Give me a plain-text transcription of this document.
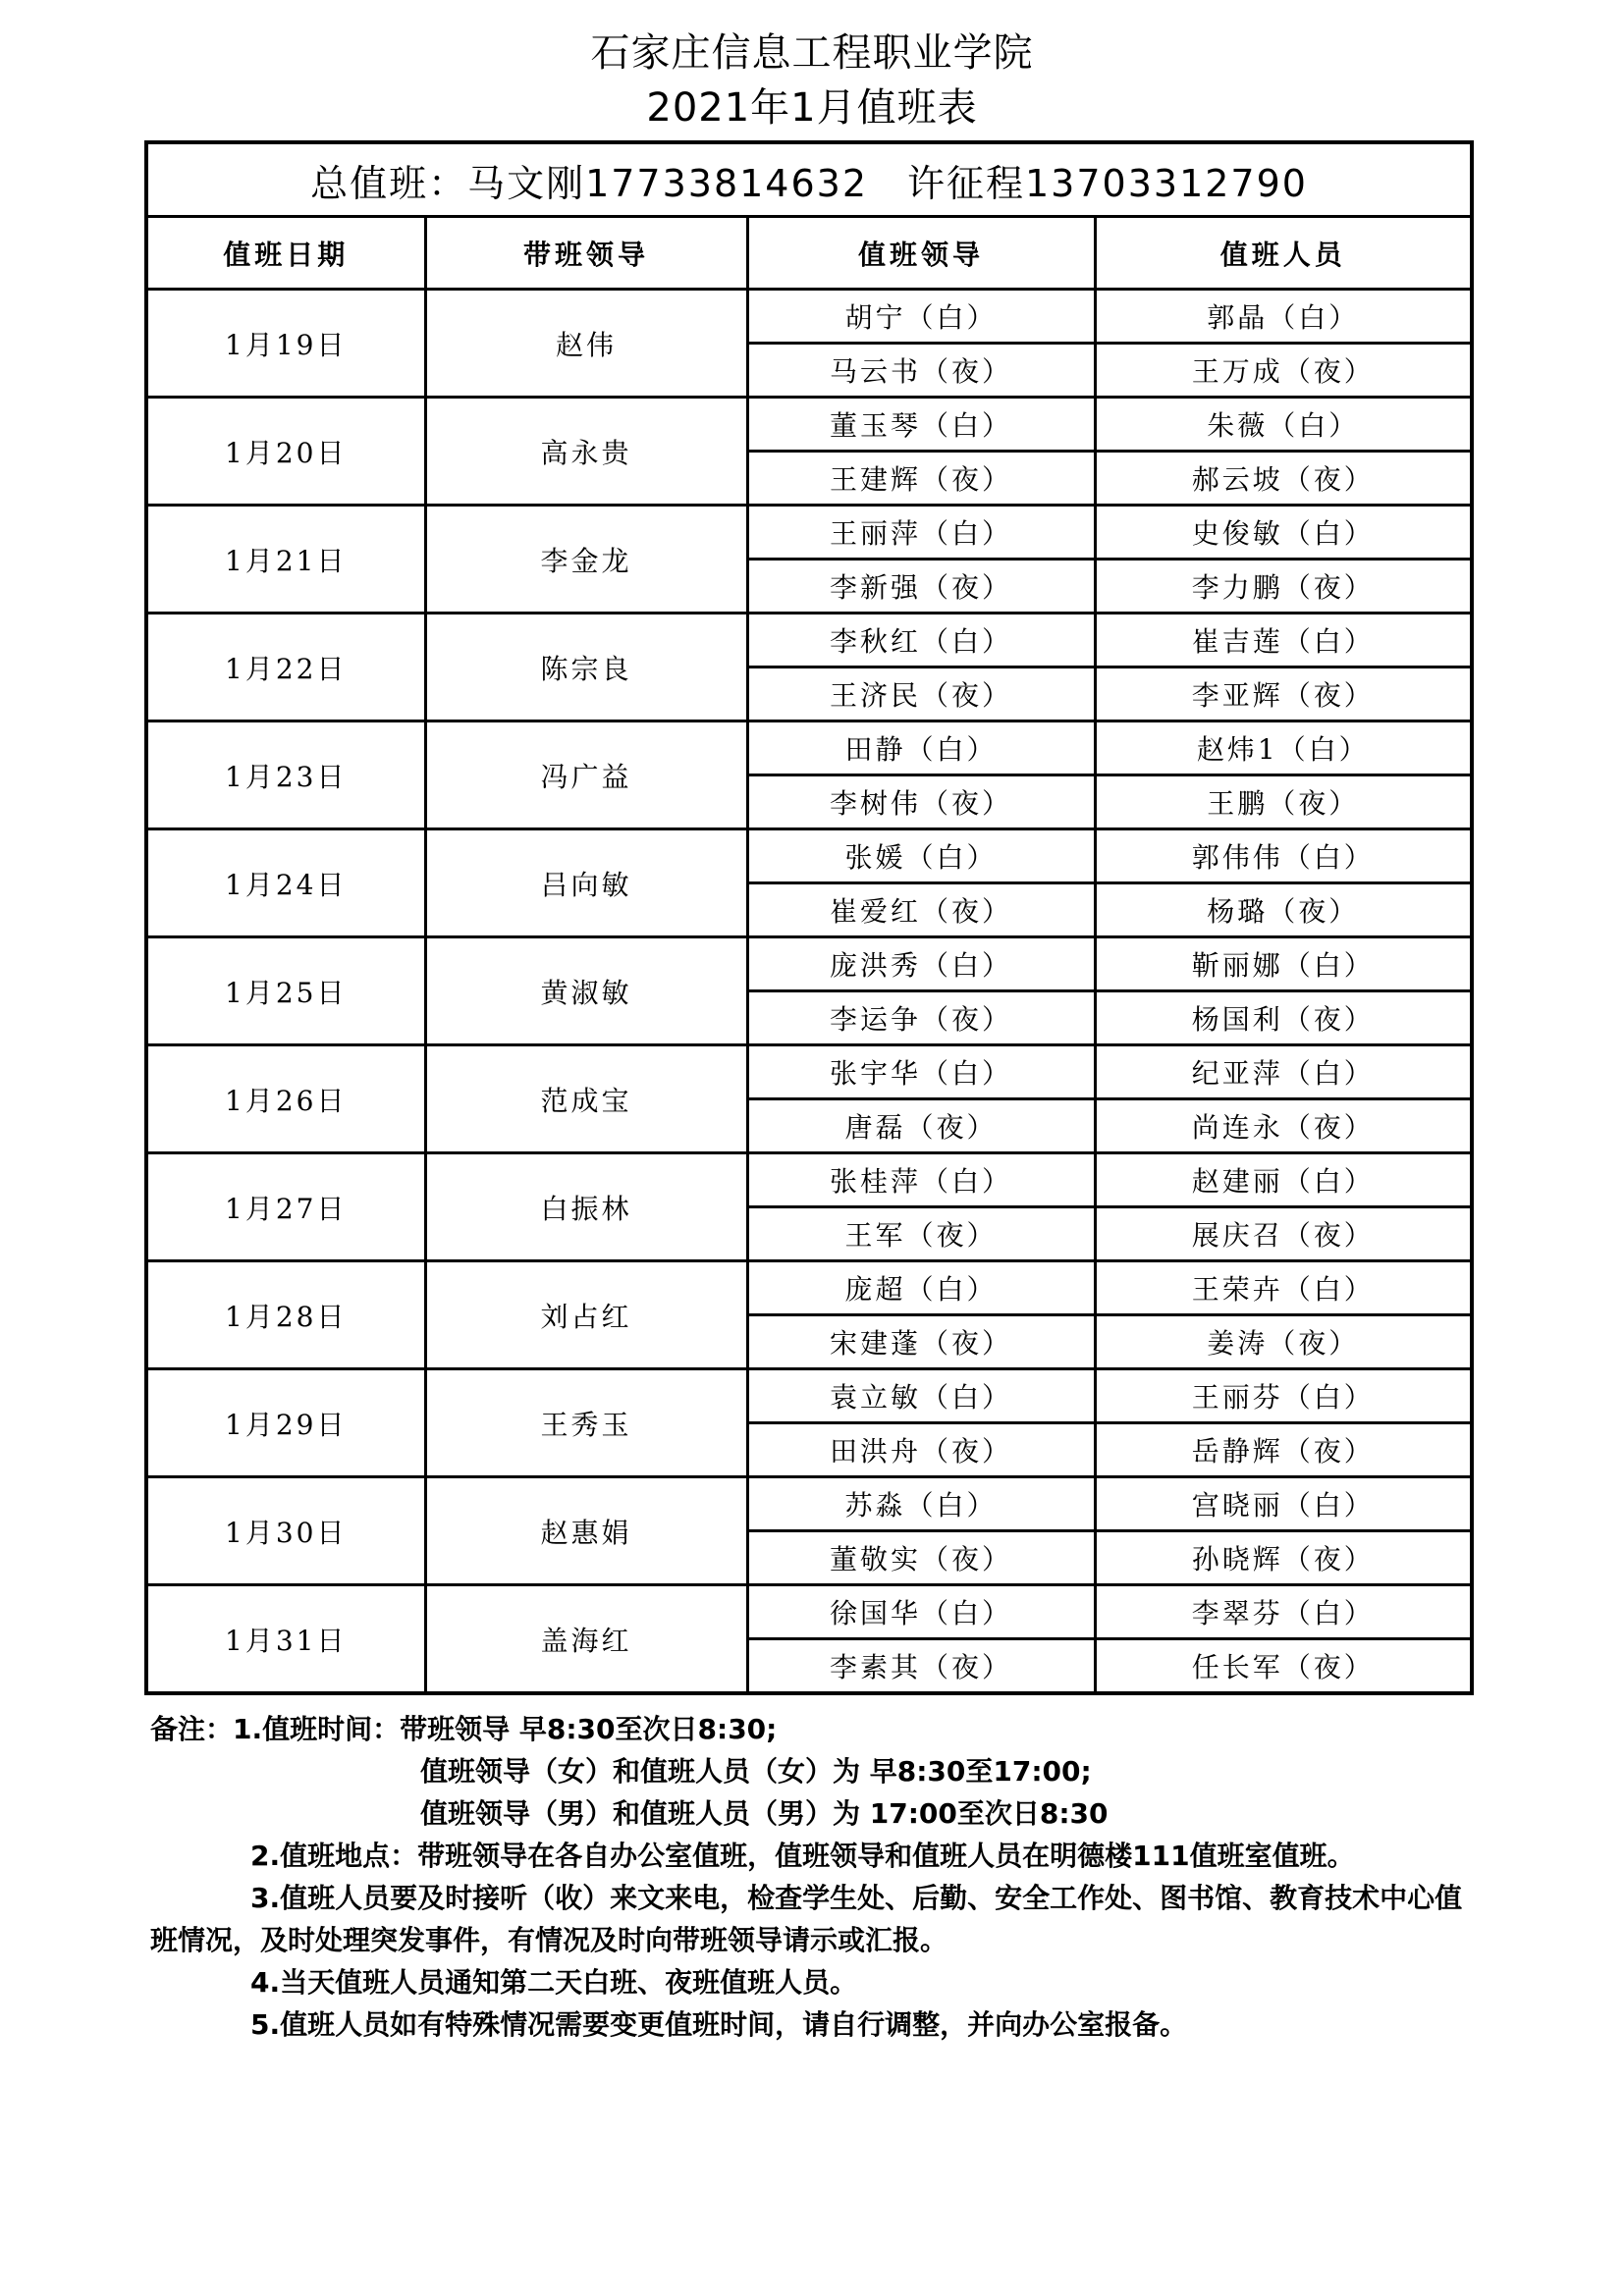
石家庄信息工程职业学院
2021年1月值班表
总值班：马文刚17733814632　许征程13703312790			
值班日期	带班领导	值班领导	值班人员
1月19日	赵伟	胡宁（白）	郭晶（白）
		马云书（夜）	王万成（夜）
1月20日	高永贵	董玉琴（白）	朱薇（白）
		王建辉（夜）	郝云坡（夜）
1月21日	李金龙	王丽萍（白）	史俊敏（白）
		李新强（夜）	李力鹏（夜）
1月22日	陈宗良	李秋红（白）	崔吉莲（白）
		王济民（夜）	李亚辉（夜）
1月23日	冯广益	田静（白）	赵炜1（白）
		李树伟（夜）	王鹏（夜）
1月24日	吕向敏	张媛（白）	郭伟伟（白）
		崔爱红（夜）	杨璐（夜）
1月25日	黄淑敏	庞洪秀（白）	靳丽娜（白）
		李运争（夜）	杨国利（夜）
1月26日	范成宝	张宇华（白）	纪亚萍（白）
		唐磊（夜）	尚连永（夜）
1月27日	白振林	张桂萍（白）	赵建丽（白）
		王军（夜）	展庆召（夜）
1月28日	刘占红	庞超（白）	王荣卉（白）
		宋建蓬（夜）	姜涛（夜）
1月29日	王秀玉	袁立敏（白）	王丽芬（白）
		田洪舟（夜）	岳静辉（夜）
1月30日	赵惠娟	苏淼（白）	宫晓丽（白）
		董敬实（夜）	孙晓辉（夜）
1月31日	盖海红	徐国华（白）	李翠芬（白）
		李素其（夜）	任长军（夜）

备注：1.值班时间：带班领导 早8:30至次日8:30;

值班领导（女）和值班人员（女）为 早8:30至17:00;

值班领导（男）和值班人员（男）为 17:00至次日8:30

2.值班地点：带班领导在各自办公室值班，值班领导和值班人员在明德楼111值班室值班。

3.值班人员要及时接听（收）来文来电，检查学生处、后勤、安全工作处、图书馆、教育技术中心值班情况，及时处理突发事件，有情况及时向带班领导请示或汇报。

4.当天值班人员通知第二天白班、夜班值班人员。

5.值班人员如有特殊情况需要变更值班时间，请自行调整，并向办公室报备。
